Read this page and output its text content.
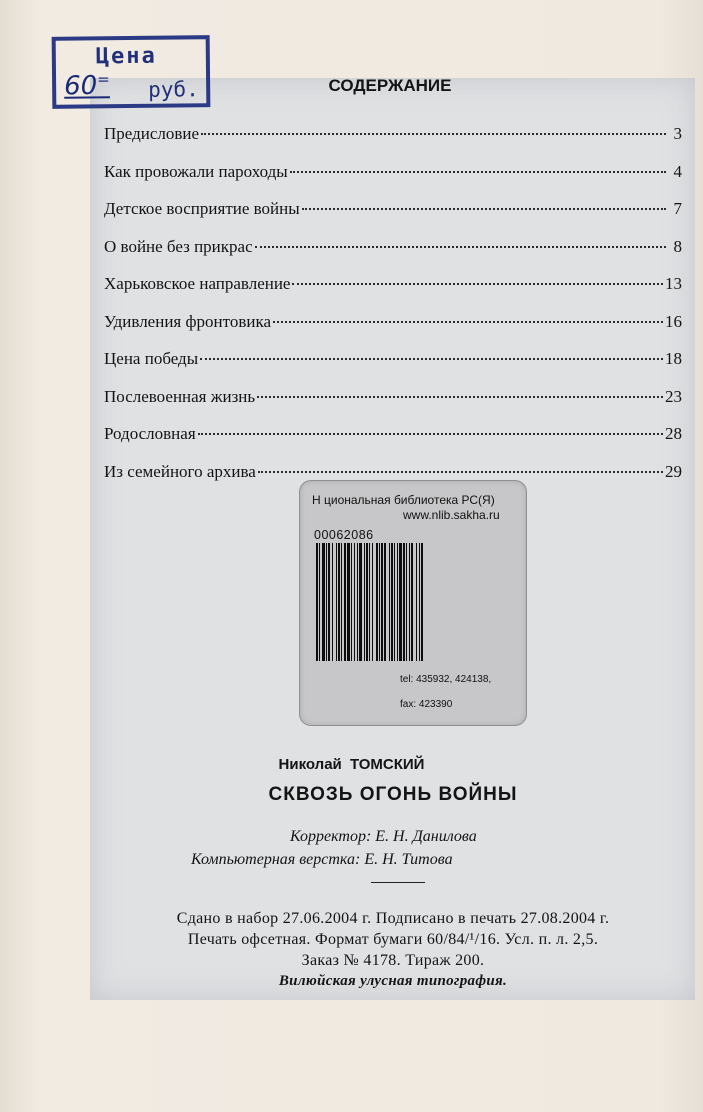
Цена
60= руб.	СОДЕРЖАНИЕ
Предисловие	3
Как провожали пароходы	4
Детское восприятие войны	7
О войне без прикрас	8
Харьковское направление	13
Удивления фронтовика	16
Цена победы	18
Послевоенная жизнь	23
Родословная	28
Из семейного архива	29
Н циональная библиотека РС(Я)
www.nlib.sakha.ru
00062086
tel: 435932, 424138,
fax: 423390
Николай ТОМСКИЙ
СКВОЗЬ ОГОНЬ ВОЙНЫ
Корректор: Е. Н. Данилова
Компьютерная верстка: Е. Н. Титова
Сдано в набор 27.06.2004 г. Подписано в печать 27.08.2004 г.
Печать офсетная. Формат бумаги 60/84/¹/16. Усл. п. л. 2,5.
Заказ № 4178. Тираж 200.
Вилюйская улусная типография.
